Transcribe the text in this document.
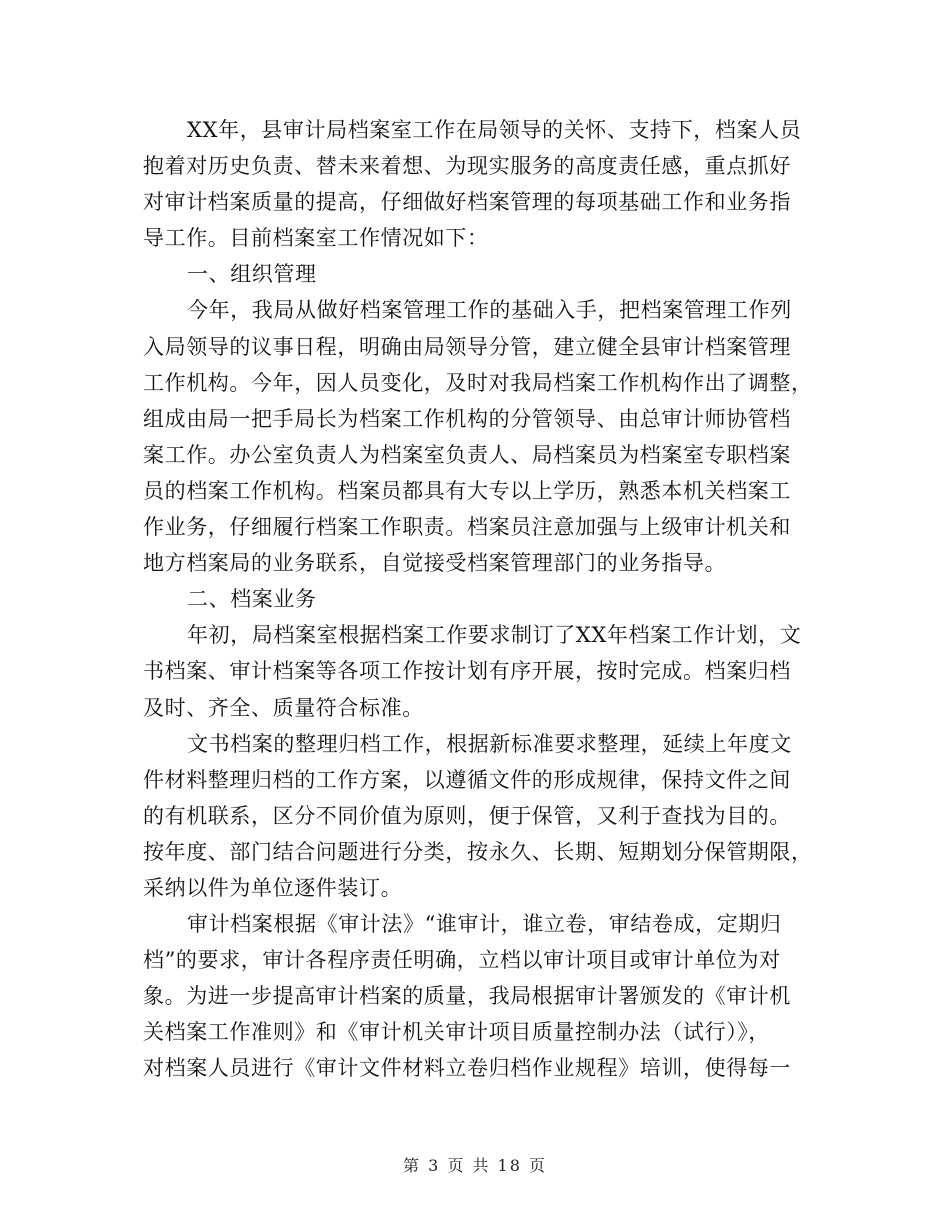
XX年，县审计局档案室工作在局领导的关怀、支持下，档案人员
抱着对历史负责、替未来着想、为现实服务的高度责任感，重点抓好
对审计档案质量的提高，仔细做好档案管理的每项基础工作和业务指
导工作。目前档案室工作情况如下：
一、组织管理
今年，我局从做好档案管理工作的基础入手，把档案管理工作列
入局领导的议事日程，明确由局领导分管，建立健全县审计档案管理
工作机构。今年，因人员变化，及时对我局档案工作机构作出了调整，
组成由局一把手局长为档案工作机构的分管领导、由总审计师协管档
案工作。办公室负责人为档案室负责人、局档案员为档案室专职档案
员的档案工作机构。档案员都具有大专以上学历，熟悉本机关档案工
作业务，仔细履行档案工作职责。档案员注意加强与上级审计机关和
地方档案局的业务联系，自觉接受档案管理部门的业务指导。
二、档案业务
年初，局档案室根据档案工作要求制订了XX年档案工作计划，文
书档案、审计档案等各项工作按计划有序开展，按时完成。档案归档
及时、齐全、质量符合标准。
文书档案的整理归档工作，根据新标准要求整理，延续上年度文
件材料整理归档的工作方案，以遵循文件的形成规律，保持文件之间
的有机联系，区分不同价值为原则，便于保管，又利于查找为目的。
按年度、部门结合问题进行分类，按永久、长期、短期划分保管期限，
采纳以件为单位逐件装订。
审计档案根据《审计法》“谁审计，谁立卷，审结卷成，定期归
档”的要求，审计各程序责任明确，立档以审计项目或审计单位为对
象。为进一步提高审计档案的质量，我局根据审计署颁发的《审计机
关档案工作准则》和《审计机关审计项目质量控制办法（试行）》，
对档案人员进行《审计文件材料立卷归档作业规程》培训，使得每一
第 3 页 共 18 页
